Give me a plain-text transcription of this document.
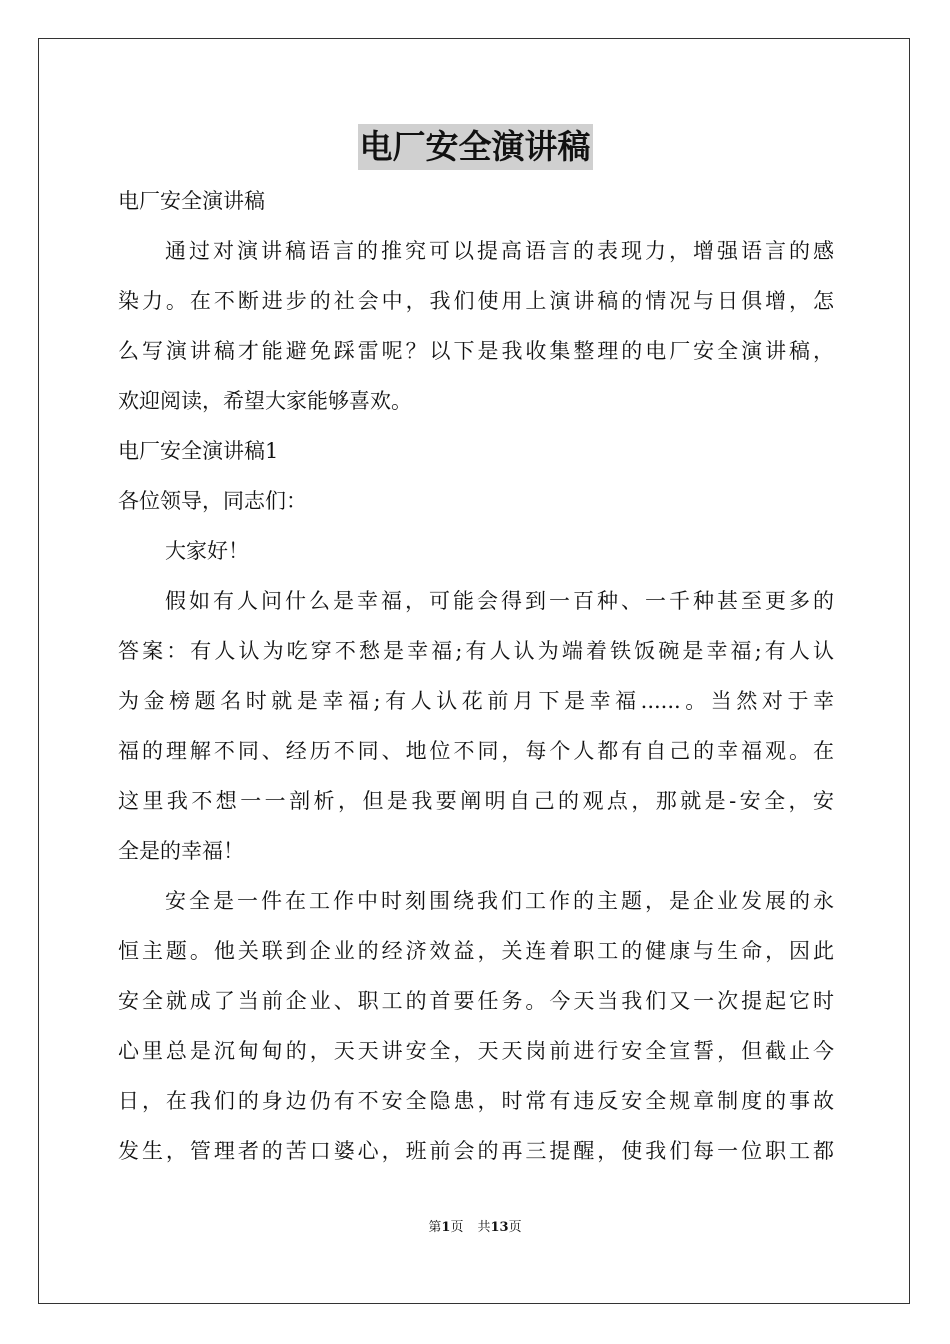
电厂安全演讲稿
电厂安全演讲稿
通过对演讲稿语言的推究可以提高语言的表现力，增强语言的感
染力。在不断进步的社会中，我们使用上演讲稿的情况与日俱增，怎
么写演讲稿才能避免踩雷呢？以下是我收集整理的电厂安全演讲稿，
欢迎阅读，希望大家能够喜欢。
电厂安全演讲稿1
各位领导，同志们：
大家好！
假如有人问什么是幸福，可能会得到一百种、一千种甚至更多的
答案：有人认为吃穿不愁是幸福;有人认为端着铁饭碗是幸福;有人认
为金榜题名时就是幸福;有人认花前月下是幸福......。当然对于幸
福的理解不同、经历不同、地位不同，每个人都有自己的幸福观。在
这里我不想一一剖析，但是我要阐明自己的观点，那就是-安全，安
全是的幸福！
安全是一件在工作中时刻围绕我们工作的主题，是企业发展的永
恒主题。他关联到企业的经济效益，关连着职工的健康与生命，因此
安全就成了当前企业、职工的首要任务。今天当我们又一次提起它时
心里总是沉甸甸的，天天讲安全，天天岗前进行安全宣誓，但截止今
日，在我们的身边仍有不安全隐患，时常有违反安全规章制度的事故
发生，管理者的苦口婆心，班前会的再三提醒，使我们每一位职工都
第1页 共13页
